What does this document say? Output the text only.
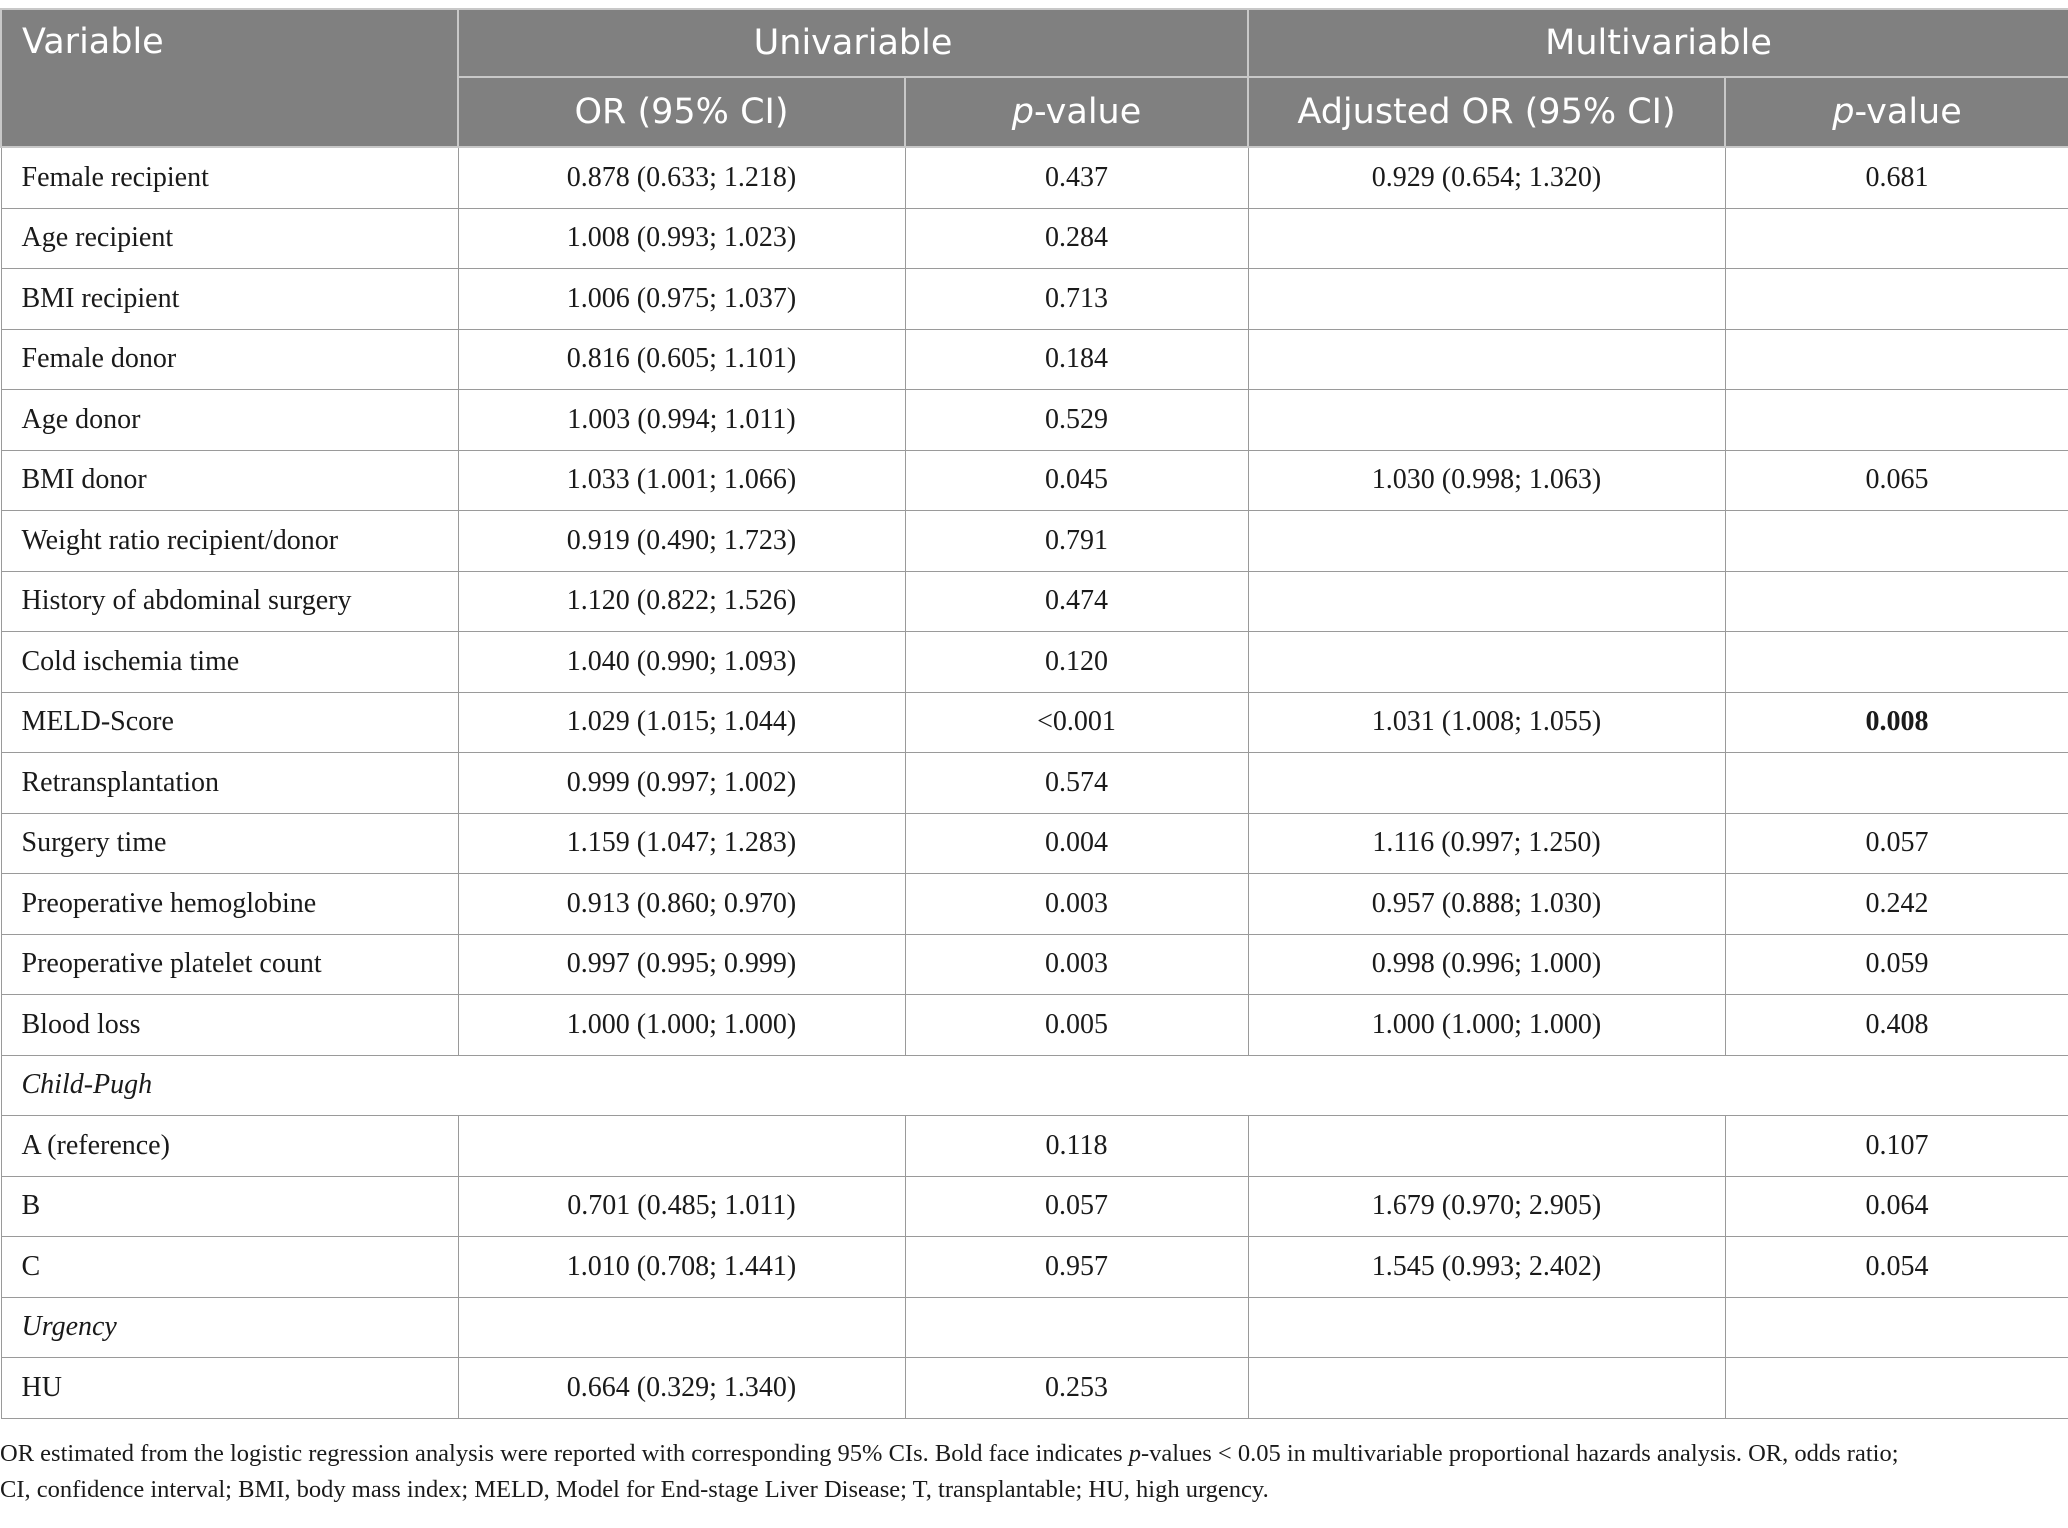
Variable	Univariable		Multivariable	
	OR (95% CI)	p-value	Adjusted OR (95% CI)	p-value
Female recipient	0.878 (0.633; 1.218)	0.437	0.929 (0.654; 1.320)	0.681
Age recipient	1.008 (0.993; 1.023)	0.284		
BMI recipient	1.006 (0.975; 1.037)	0.713		
Female donor	0.816 (0.605; 1.101)	0.184		
Age donor	1.003 (0.994; 1.011)	0.529		
BMI donor	1.033 (1.001; 1.066)	0.045	1.030 (0.998; 1.063)	0.065
Weight ratio recipient/donor	0.919 (0.490; 1.723)	0.791		
History of abdominal surgery	1.120 (0.822; 1.526)	0.474		
Cold ischemia time	1.040 (0.990; 1.093)	0.120		
MELD-Score	1.029 (1.015; 1.044)	<0.001	1.031 (1.008; 1.055)	0.008
Retransplantation	0.999 (0.997; 1.002)	0.574		
Surgery time	1.159 (1.047; 1.283)	0.004	1.116 (0.997; 1.250)	0.057
Preoperative hemoglobine	0.913 (0.860; 0.970)	0.003	0.957 (0.888; 1.030)	0.242
Preoperative platelet count	0.997 (0.995; 0.999)	0.003	0.998 (0.996; 1.000)	0.059
Blood loss	1.000 (1.000; 1.000)	0.005	1.000 (1.000; 1.000)	0.408
Child-Pugh				
A (reference)		0.118		0.107
B	0.701 (0.485; 1.011)	0.057	1.679 (0.970; 2.905)	0.064
C	1.010 (0.708; 1.441)	0.957	1.545 (0.993; 2.402)	0.054
Urgency				
HU	0.664 (0.329; 1.340)	0.253		

OR estimated from the logistic regression analysis were reported with corresponding 95% CIs. Bold face indicates p-values < 0.05 in multivariable proportional hazards analysis. OR, odds ratio;

CI, confidence interval; BMI, body mass index; MELD, Model for End-stage Liver Disease; T, transplantable; HU, high urgency.
